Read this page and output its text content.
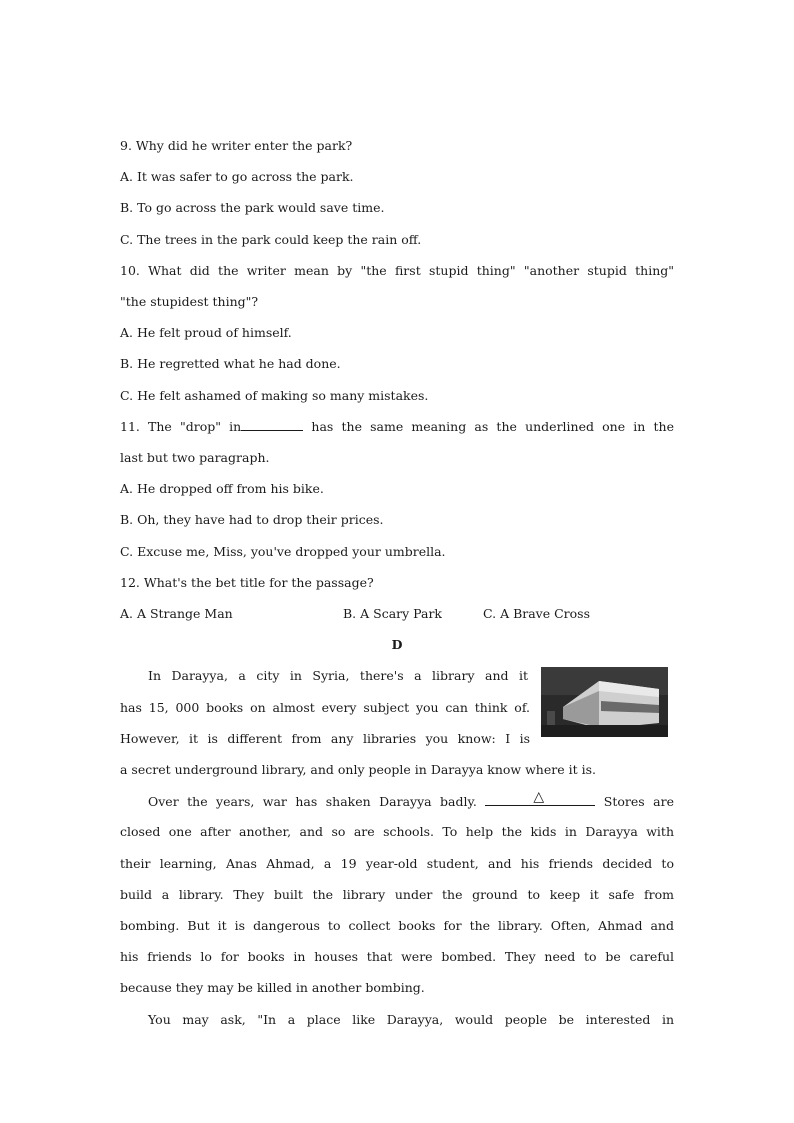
9. Why did he writer enter the park?
A. It was safer to go across the park.
B. To go across the park would save time.
C. The trees in the park could keep the rain off.
10. What did the writer mean by "the first stupid thing" "another stupid thing"
"the stupidest thing"?
A. He felt proud of himself.
B. He regretted what he had done.
C. He felt ashamed of making so many mistakes.
11. The "drop" in	has the same meaning as the underlined one in the
last but two paragraph.
A. He dropped off from his bike.
B. Oh, they have had to drop their prices.
C. Excuse me, Miss, you've dropped your umbrella.
12. What's the bet title for the passage?
A. A Strange Man	B. A Scary Park	C. A Brave Cross
D
In Darayya, a city in Syria, there's a library and it
has 15, 000 books on almost every subject you can think of.
However, it is different from any libraries you know: I is
a secret underground library, and only people in Darayya know where it is.
Over the years, war has shaken Darayya badly.	△	Stores are
closed one after another, and so are schools. To help the kids in Darayya with
their learning, Anas Ahmad, a 19 year-old student, and his friends decided to
build a library. They built the library under the ground to keep it safe from
bombing. But it is dangerous to collect books for the library. Often, Ahmad and
his friends lo for books in houses that were bombed. They need to be careful
because they may be killed in another bombing.
You may ask, "In a place like Darayya, would people be interested in
